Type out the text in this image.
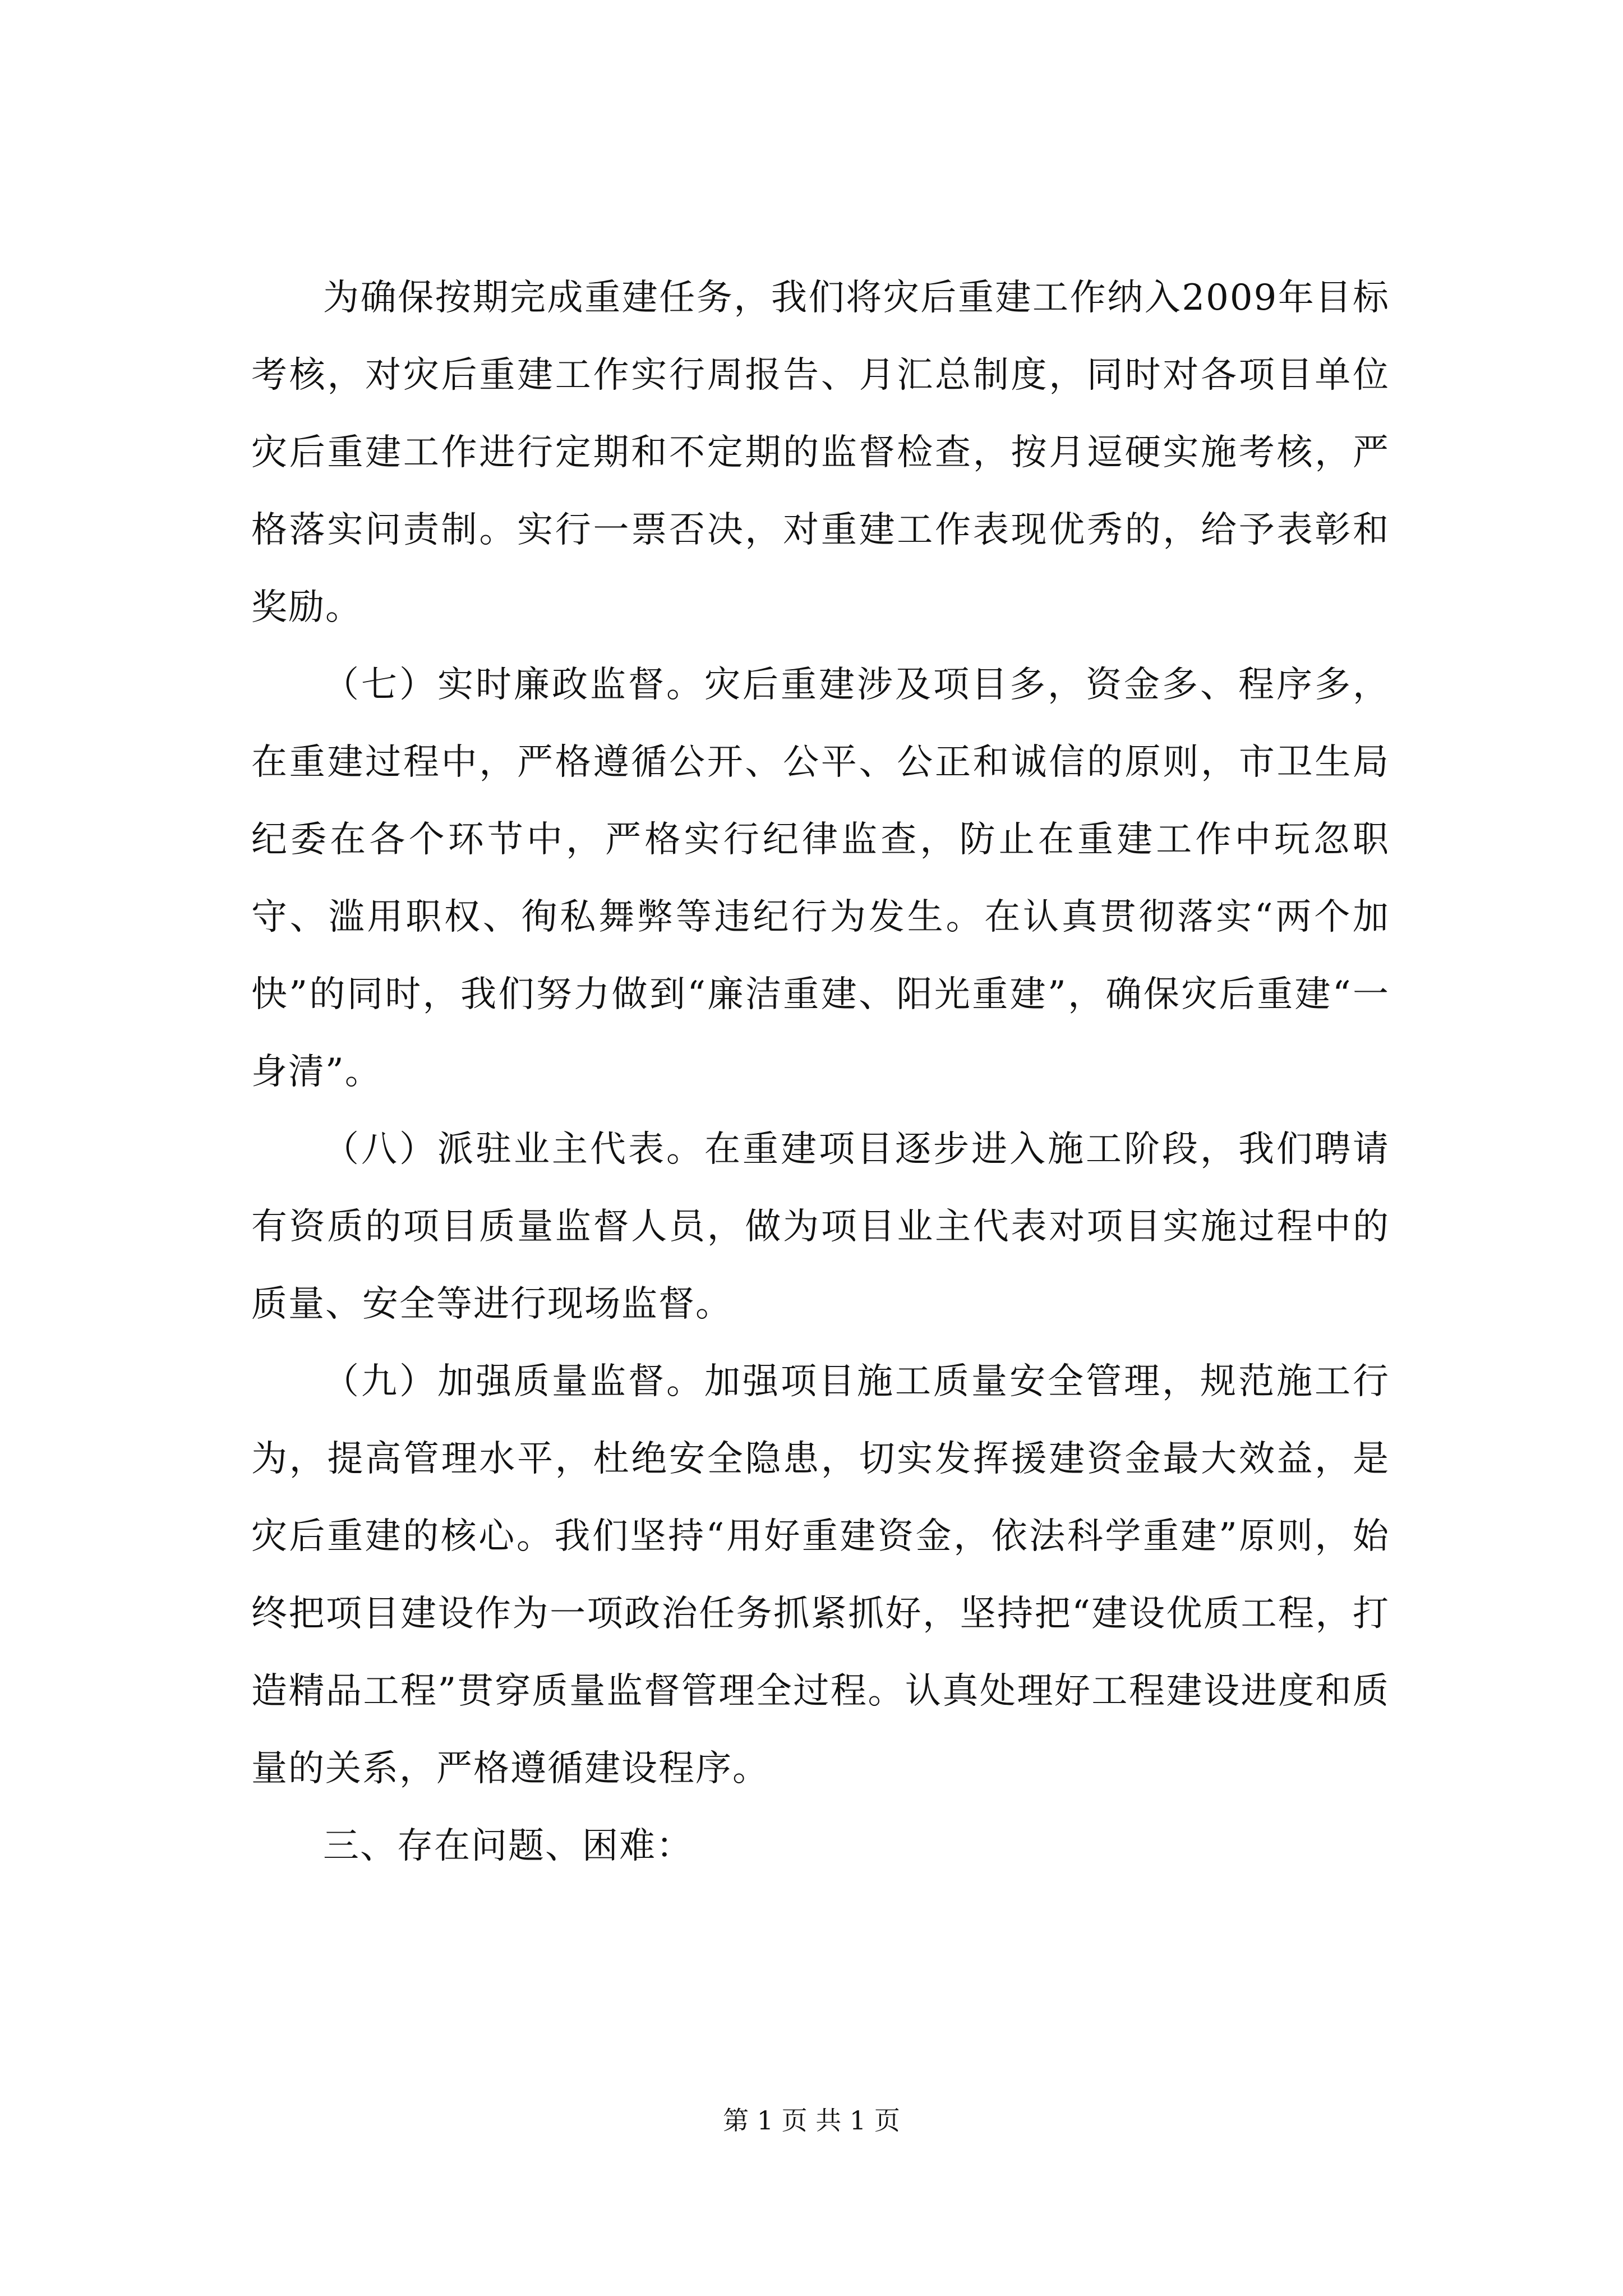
为确保按期完成重建任务，我们将灾后重建工作纳入2009年目标考核，对灾后重建工作实行周报告、月汇总制度，同时对各项目单位灾后重建工作进行定期和不定期的监督检查，按月逗硬实施考核，严格落实问责制。实行一票否决，对重建工作表现优秀的，给予表彰和奖励。

（七）实时廉政监督。灾后重建涉及项目多，资金多、程序多，在重建过程中，严格遵循公开、公平、公正和诚信的原则，市卫生局纪委在各个环节中，严格实行纪律监查，防止在重建工作中玩忽职守、滥用职权、徇私舞弊等违纪行为发生。在认真贯彻落实“两个加快”的同时，我们努力做到“廉洁重建、阳光重建”，确保灾后重建“一身清”。

（八）派驻业主代表。在重建项目逐步进入施工阶段，我们聘请有资质的项目质量监督人员，做为项目业主代表对项目实施过程中的质量、安全等进行现场监督。

（九）加强质量监督。加强项目施工质量安全管理，规范施工行为，提高管理水平，杜绝安全隐患，切实发挥援建资金最大效益，是灾后重建的核心。我们坚持“用好重建资金，依法科学重建”原则，始终把项目建设作为一项政治任务抓紧抓好，坚持把“建设优质工程，打造精品工程”贯穿质量监督管理全过程。认真处理好工程建设进度和质量的关系，严格遵循建设程序。

三、存在问题、困难：

第 1 页 共 1 页
